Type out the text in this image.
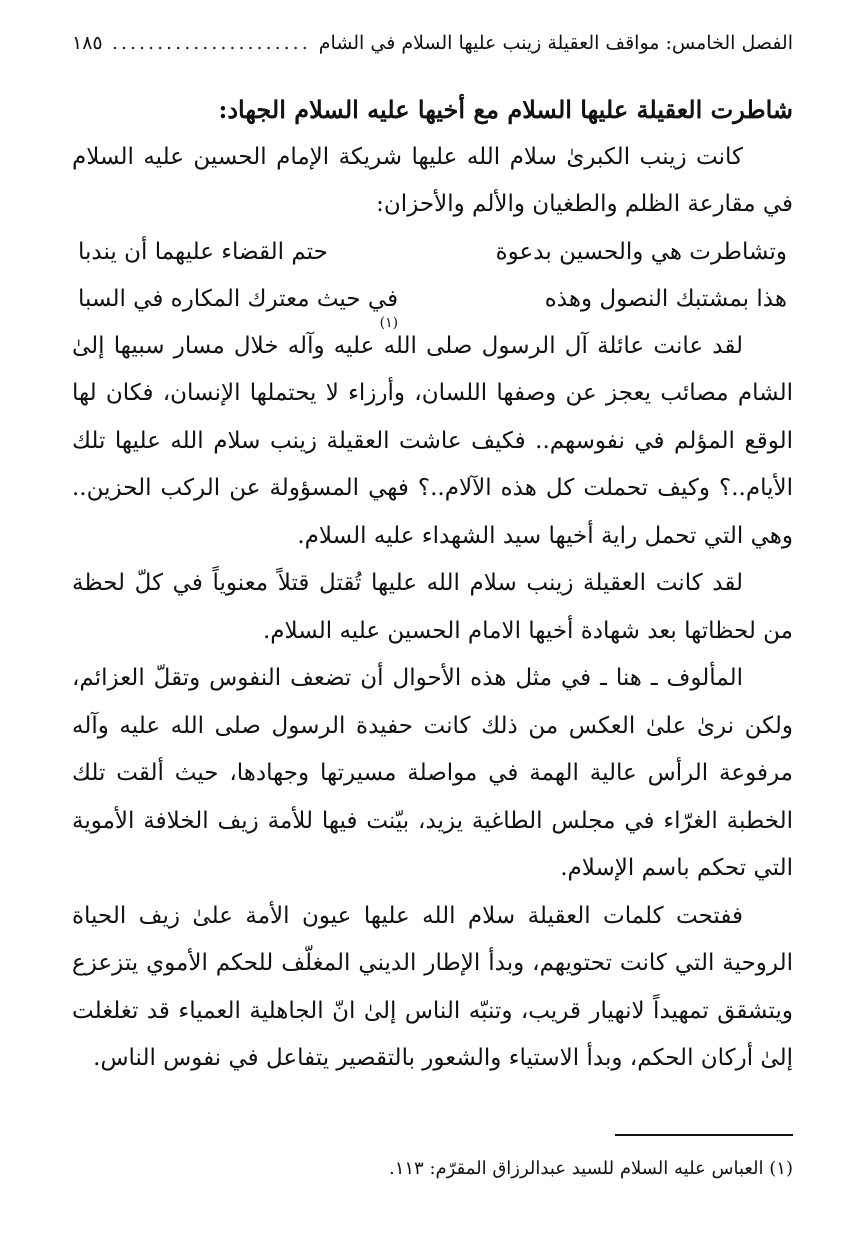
الفصل الخامس: مواقف العقيلة زينب عليها السلام في الشام
.....
١٨٥

شاطرت العقيلة عليها السلام مع أخيها عليه السلام الجهاد:

كانت زينب الكبرىٰ سلام الله عليها شريكة الإمام الحسين عليه السلام في مقارعة الظلم والطغيان والألم والأحزان:

وتشاطرت هي والحسين بدعوة
حتم القضاء عليهما أن يندبا
هذا بمشتبك النصول وهذه
في حيث معترك المكاره في السبا
(١)

لقد عانت عائلة آل الرسول صلى الله عليه وآله خلال مسار سبيها إلىٰ الشام مصائب يعجز عن وصفها اللسان، وأرزاء لا يحتملها الإنسان، فكان لها الوقع المؤلم في نفوسهم.. فكيف عاشت العقيلة زينب سلام الله عليها تلك الأيام..؟ وكيف تحملت كل هذه الآلام..؟ فهي المسؤولة عن الركب الحزين.. وهي التي تحمل راية أخيها سيد الشهداء عليه السلام.

لقد كانت العقيلة زينب سلام الله عليها تُقتل قتلاً معنوياً في كلّ لحظة من لحظاتها بعد شهادة أخيها الامام الحسين عليه السلام.

المألوف ـ هنا ـ في مثل هذه الأحوال أن تضعف النفوس وتقلّ العزائم، ولكن نرىٰ علىٰ العكس من ذلك كانت حفيدة الرسول صلى الله عليه وآله مرفوعة الرأس عالية الهمة في مواصلة مسيرتها وجهادها، حيث ألقت تلك الخطبة الغرّاء في مجلس الطاغية يزيد، بيّنت فيها للأمة زيف الخلافة الأموية التي تحكم باسم الإسلام.

ففتحت كلمات العقيلة سلام الله عليها عيون الأمة علىٰ زيف الحياة الروحية التي كانت تحتويهم، وبدأ الإطار الديني المغلّف للحكم الأموي يتزعزع ويتشقق تمهيداً لانهيار قريب، وتنبّه الناس إلىٰ انّ الجاهلية العمياء قد تغلغلت إلىٰ أركان الحكم، وبدأ الاستياء والشعور بالتقصير يتفاعل في نفوس الناس.

(١) العباس عليه السلام للسيد عبدالرزاق المقرّم: ١١٣.
